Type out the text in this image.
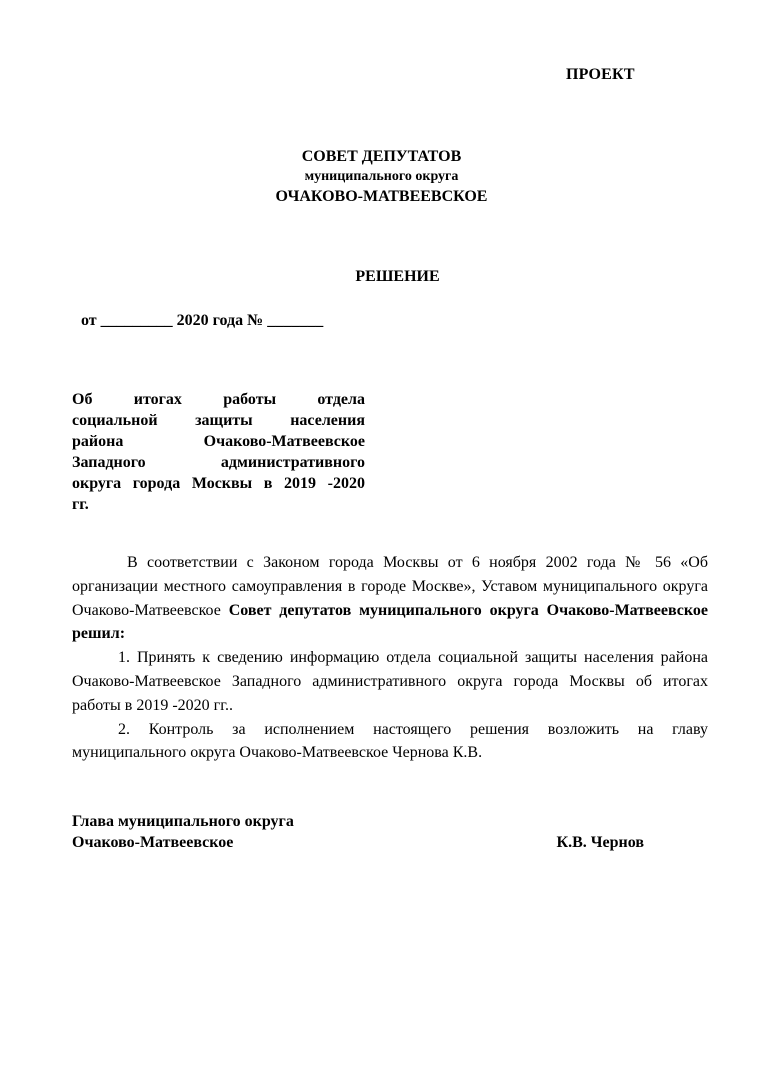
ПРОЕКТ
СОВЕТ ДЕПУТАТОВ
муниципального округа
ОЧАКОВО-МАТВЕЕВСКОЕ
РЕШЕНИЕ
от _________ 2020 года № _______
Об итогах работы отдела
социальной защиты населения
района Очаково-Матвеевское
Западного административного
округа города Москвы в 2019 -2020
гг.

В соответствии с Законом города Москвы от 6 ноября 2002 года № 56 «Об организации местного самоуправления в городе Москве», Уставом муниципального округа Очаково-Матвеевское Совет депутатов муниципального округа Очаково-Матвеевское решил:

1. Принять к сведению информацию отдела социальной защиты населения района Очаково-Матвеевское Западного административного округа города Москвы об итогах работы в 2019 -2020 гг..

2. Контроль за исполнением настоящего решения возложить на главу муниципального округа Очаково-Матвеевское Чернова К.В.

Глава муниципального округа
Очаково-Матвеевское	К.В. Чернов
